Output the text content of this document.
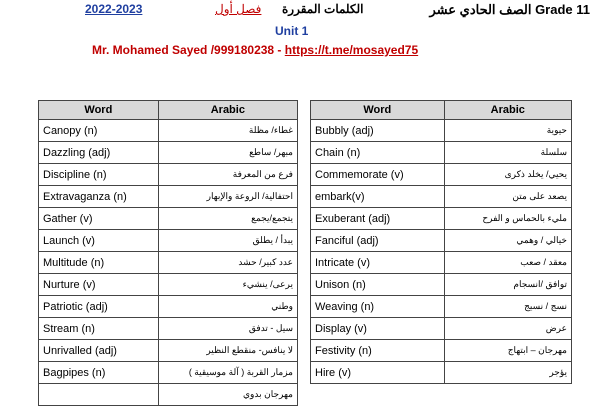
الصف الحادي عشر Grade 11
الكلمات المقررة
فصل أول
2022-2023
Unit 1
Mr. Mohamed Sayed /999180238 - https://t.me/mosayed75
Word	Arabic
Canopy (n)	غطاء/ مظلة
Dazzling (adj)	مبهر/ ساطع
Discipline (n)	فرع من المعرفة
Extravaganza (n)	احتفالية/ الروعة والإبهار
Gather (v)	يتجمع/يجمع
Launch (v)	يبدأ / يطلق
Multitude (n)	عدد كبير/ حشد
Nurture (v)	يرعى/ ينشيء
Patriotic (adj)	وطني
Stream (n)	سيل - تدفق
Unrivalled (adj)	لا ينافس- منقطع النظير
Bagpipes (n)	مزمار القربة ( آلة موسيقية )
	مهرجان بدوي
Word	Arabic
Bubbly (adj)	حيوية
Chain (n)	سلسلة
Commemorate (v)	يحيي/ يخلد ذكرى
embark(v)	يصعد على متن
Exuberant (adj)	مليء بالحماس و الفرح
Fanciful (adj)	خيالي / وهمي
Intricate (v)	معقد / صعب
Unison (n)	توافق /انسجام
Weaving (n)	نسج / نسيج
Display (v)	عرض
Festivity (n)	مهرجان – ابتهاج
Hire (v)	يؤجر
